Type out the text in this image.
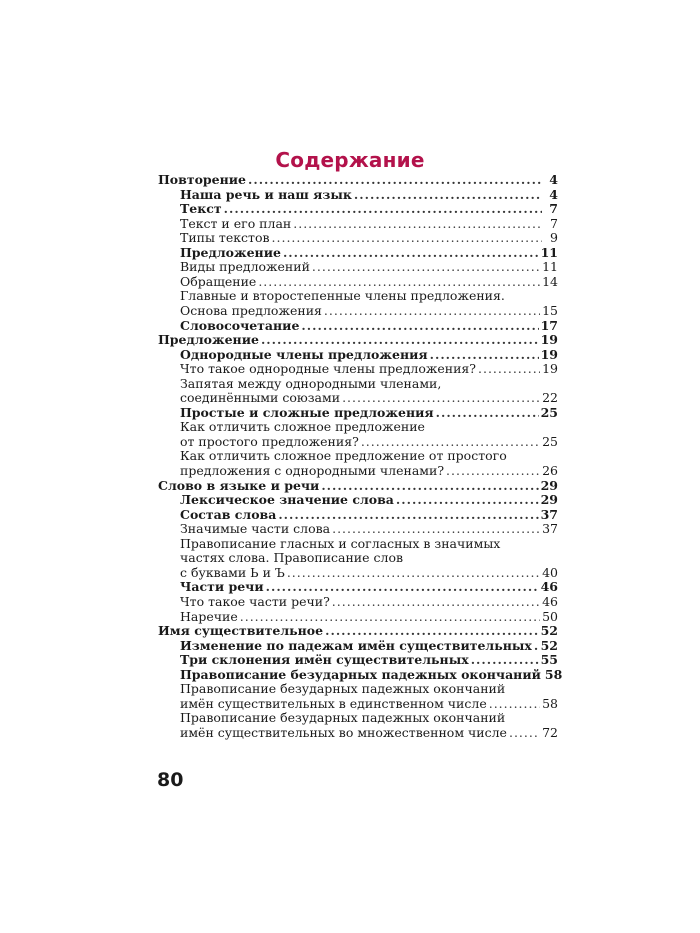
Содержание
Повторение .....	4
Наша речь и наш язык .....	4
Текст .....	7
Текст и его план .....	7
Типы текстов .....	9
Предложение .....	11
Виды предложений .....	11
Обращение .....	14
Главные и второстепенные члены предложения.
Основа предложения .....	15
Словосочетание .....	17
Предложение .....	19
Однородные члены предложения .....	19
Что такое однородные члены предложения? .....	19
Запятая между однородными членами,
соединёнными союзами .....	22
Простые и сложные предложения .....	25
Как отличить сложное предложение
от простого предложения? .....	25
Как отличить сложное предложение от простого
предложения с однородными членами? .....	26
Слово в языке и речи .....	29
Лексическое значение слова .....	29
Состав слова .....	37
Значимые части слова .....	37
Правописание гласных и согласных в значимых
частях слова. Правописание слов
с буквами Ь и Ъ .....	40
Части речи .....	46
Что такое части речи? .....	46
Наречие .....	50
Имя существительное .....	52
Изменение по падежам имён существительных ..... 52
Три склонения имён существительных .....	55
Правописание безударных падежных окончаний 58
Правописание безударных падежных окончаний
имён существительных в единственном числе .....	58
Правописание безударных падежных окончаний
имён существительных во множественном числе .....	72
80
